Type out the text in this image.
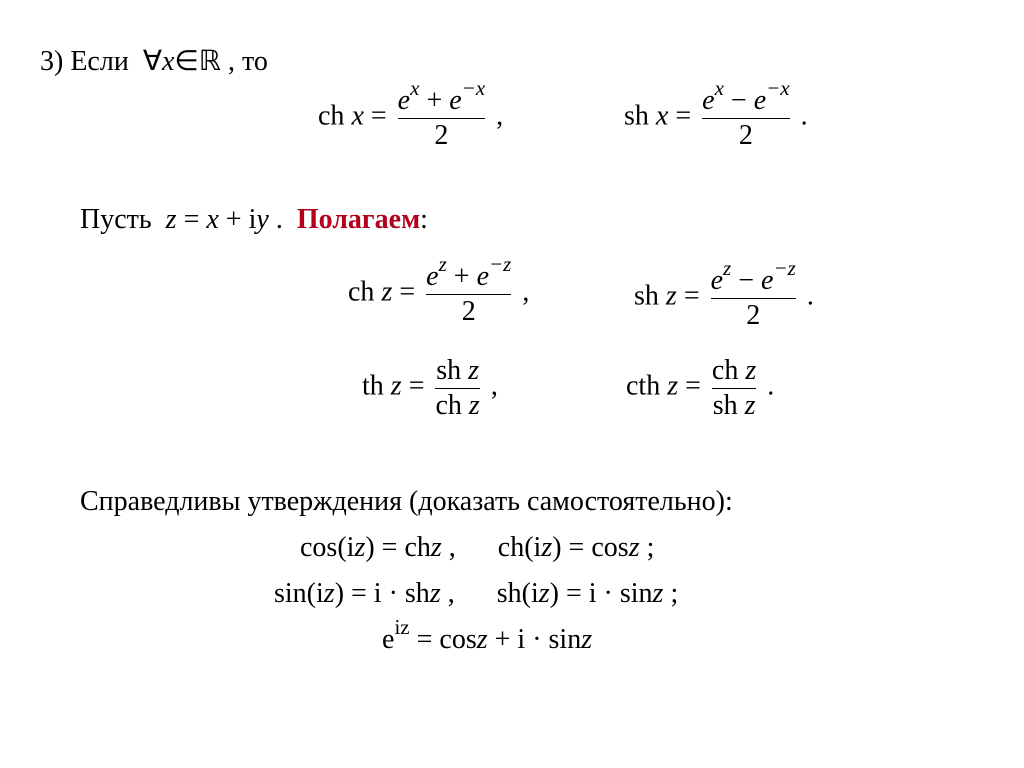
3) Если ∀x∈ℝ , то
ch $x = \frac{e^x + e^{-x}}{2}$ ,	sh $x = \frac{e^x - e^{-x}}{2}$ .
Пусть z = x + iy . Полагаем:
ch $z = \frac{e^z + e^{-z}}{2}$ ,	sh $z = \frac{e^z - e^{-z}}{2}$ .
th $z = \frac{\text{sh z}}{\text{ch z}}$ ,	cth $z = \frac{\text{ch z}}{\text{sh z}}$ .
Справедливы утверждения (доказать самостоятельно):
cos(iz) = chz , ch(iz) = cosz ;
sin(iz) = i · shz , sh(iz) = i · sinz ;
$e^{iz} = \cos z + i \cdot \sin z$
